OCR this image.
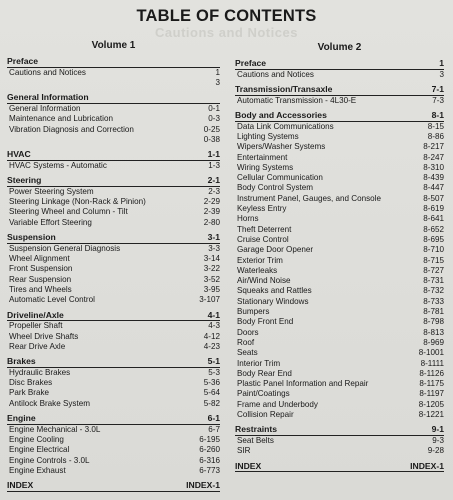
Cautions and Notices
TABLE OF CONTENTS
Volume 1
Preface
Cautions and Notices	1
3
General Information
General Information	0-1
Maintenance and Lubrication	0-3
Vibration Diagnosis and Correction	0-25
0-38
HVAC	1-1
HVAC Systems - Automatic	1-3
Steering	2-1
Power Steering System	2-3
Steering Linkage (Non-Rack & Pinion)	2-29
Steering Wheel and Column - Tilt	2-39
Variable Effort Steering	2-80
Suspension	3-1
Suspension General Diagnosis	3-3
Wheel Alignment	3-14
Front Suspension	3-22
Rear Suspension	3-52
Tires and Wheels	3-95
Automatic Level Control	3-107
Driveline/Axle	4-1
Propeller Shaft	4-3
Wheel Drive Shafts	4-12
Rear Drive Axle	4-23
Brakes	5-1
Hydraulic Brakes	5-3
Disc Brakes	5-36
Park Brake	5-64
Antilock Brake System	5-82
Engine	6-1
Engine Mechanical - 3.0L	6-7
Engine Cooling	6-195
Engine Electrical	6-260
Engine Controls - 3.0L	6-316
Engine Exhaust	6-773
INDEX	INDEX-1
Volume 2
Preface	1
Cautions and Notices	3
Transmission/Transaxle	7-1
Automatic Transmission - 4L30-E	7-3
Body and Accessories	8-1
Data Link Communications	8-15
Lighting Systems	8-86
Wipers/Washer Systems	8-217
Entertainment	8-247
Wiring Systems	8-310
Cellular Communication	8-439
Body Control System	8-447
Instrument Panel, Gauges, and Console	8-507
Keyless Entry	8-619
Horns	8-641
Theft Deterrent	8-652
Cruise Control	8-695
Garage Door Opener	8-710
Exterior Trim	8-715
Waterleaks	8-727
Air/Wind Noise	8-731
Squeaks and Rattles	8-732
Stationary Windows	8-733
Bumpers	8-781
Body Front End	8-798
Doors	8-813
Roof	8-969
Seats	8-1001
Interior Trim	8-1111
Body Rear End	8-1126
Plastic Panel Information and Repair	8-1175
Paint/Coatings	8-1197
Frame and Underbody	8-1205
Collision Repair	8-1221
Restraints	9-1
Seat Belts	9-3
SIR	9-28
INDEX	INDEX-1
